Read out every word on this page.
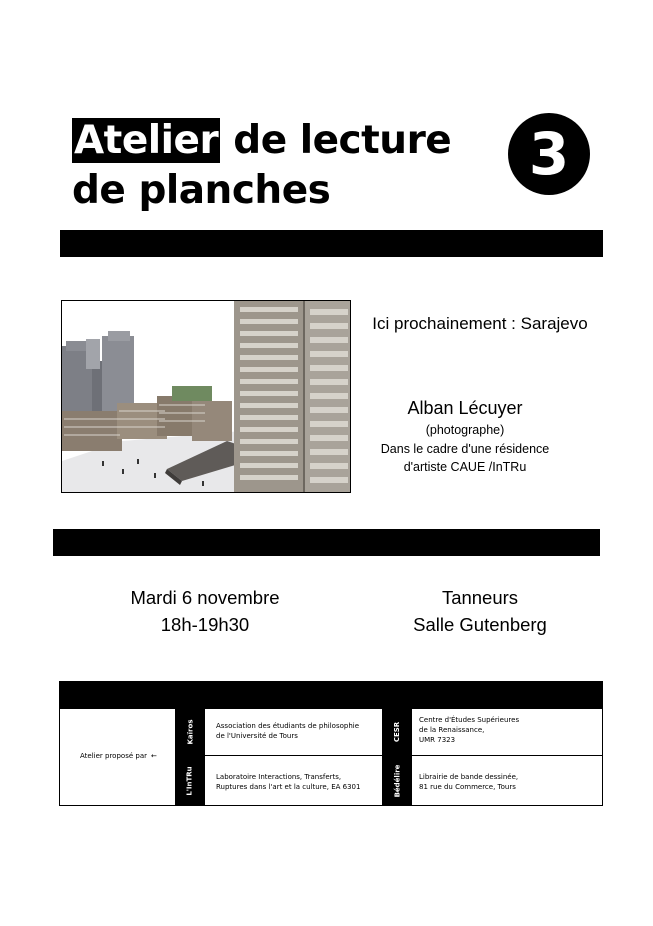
Atelier de lecture
de planches
3
Ici prochainement : Sarajevo
Alban Lécuyer
(photographe)
Dans le cadre d'une résidence
d'artiste CAUE /InTRu
Mardi 6 novembre
18h-19h30
Tanneurs
Salle Gutenberg
Atelier proposé par ←
Kaïros
L'InTRu
CESR
Bédélire
Association des étudiants de philosophie
de l'Université de Tours
Centre d'Études Supérieures
de la Renaissance,
UMR 7323
Laboratoire Interactions, Transferts,
Ruptures dans l'art et la culture, EA 6301
Librairie de bande dessinée,
81 rue du Commerce, Tours
